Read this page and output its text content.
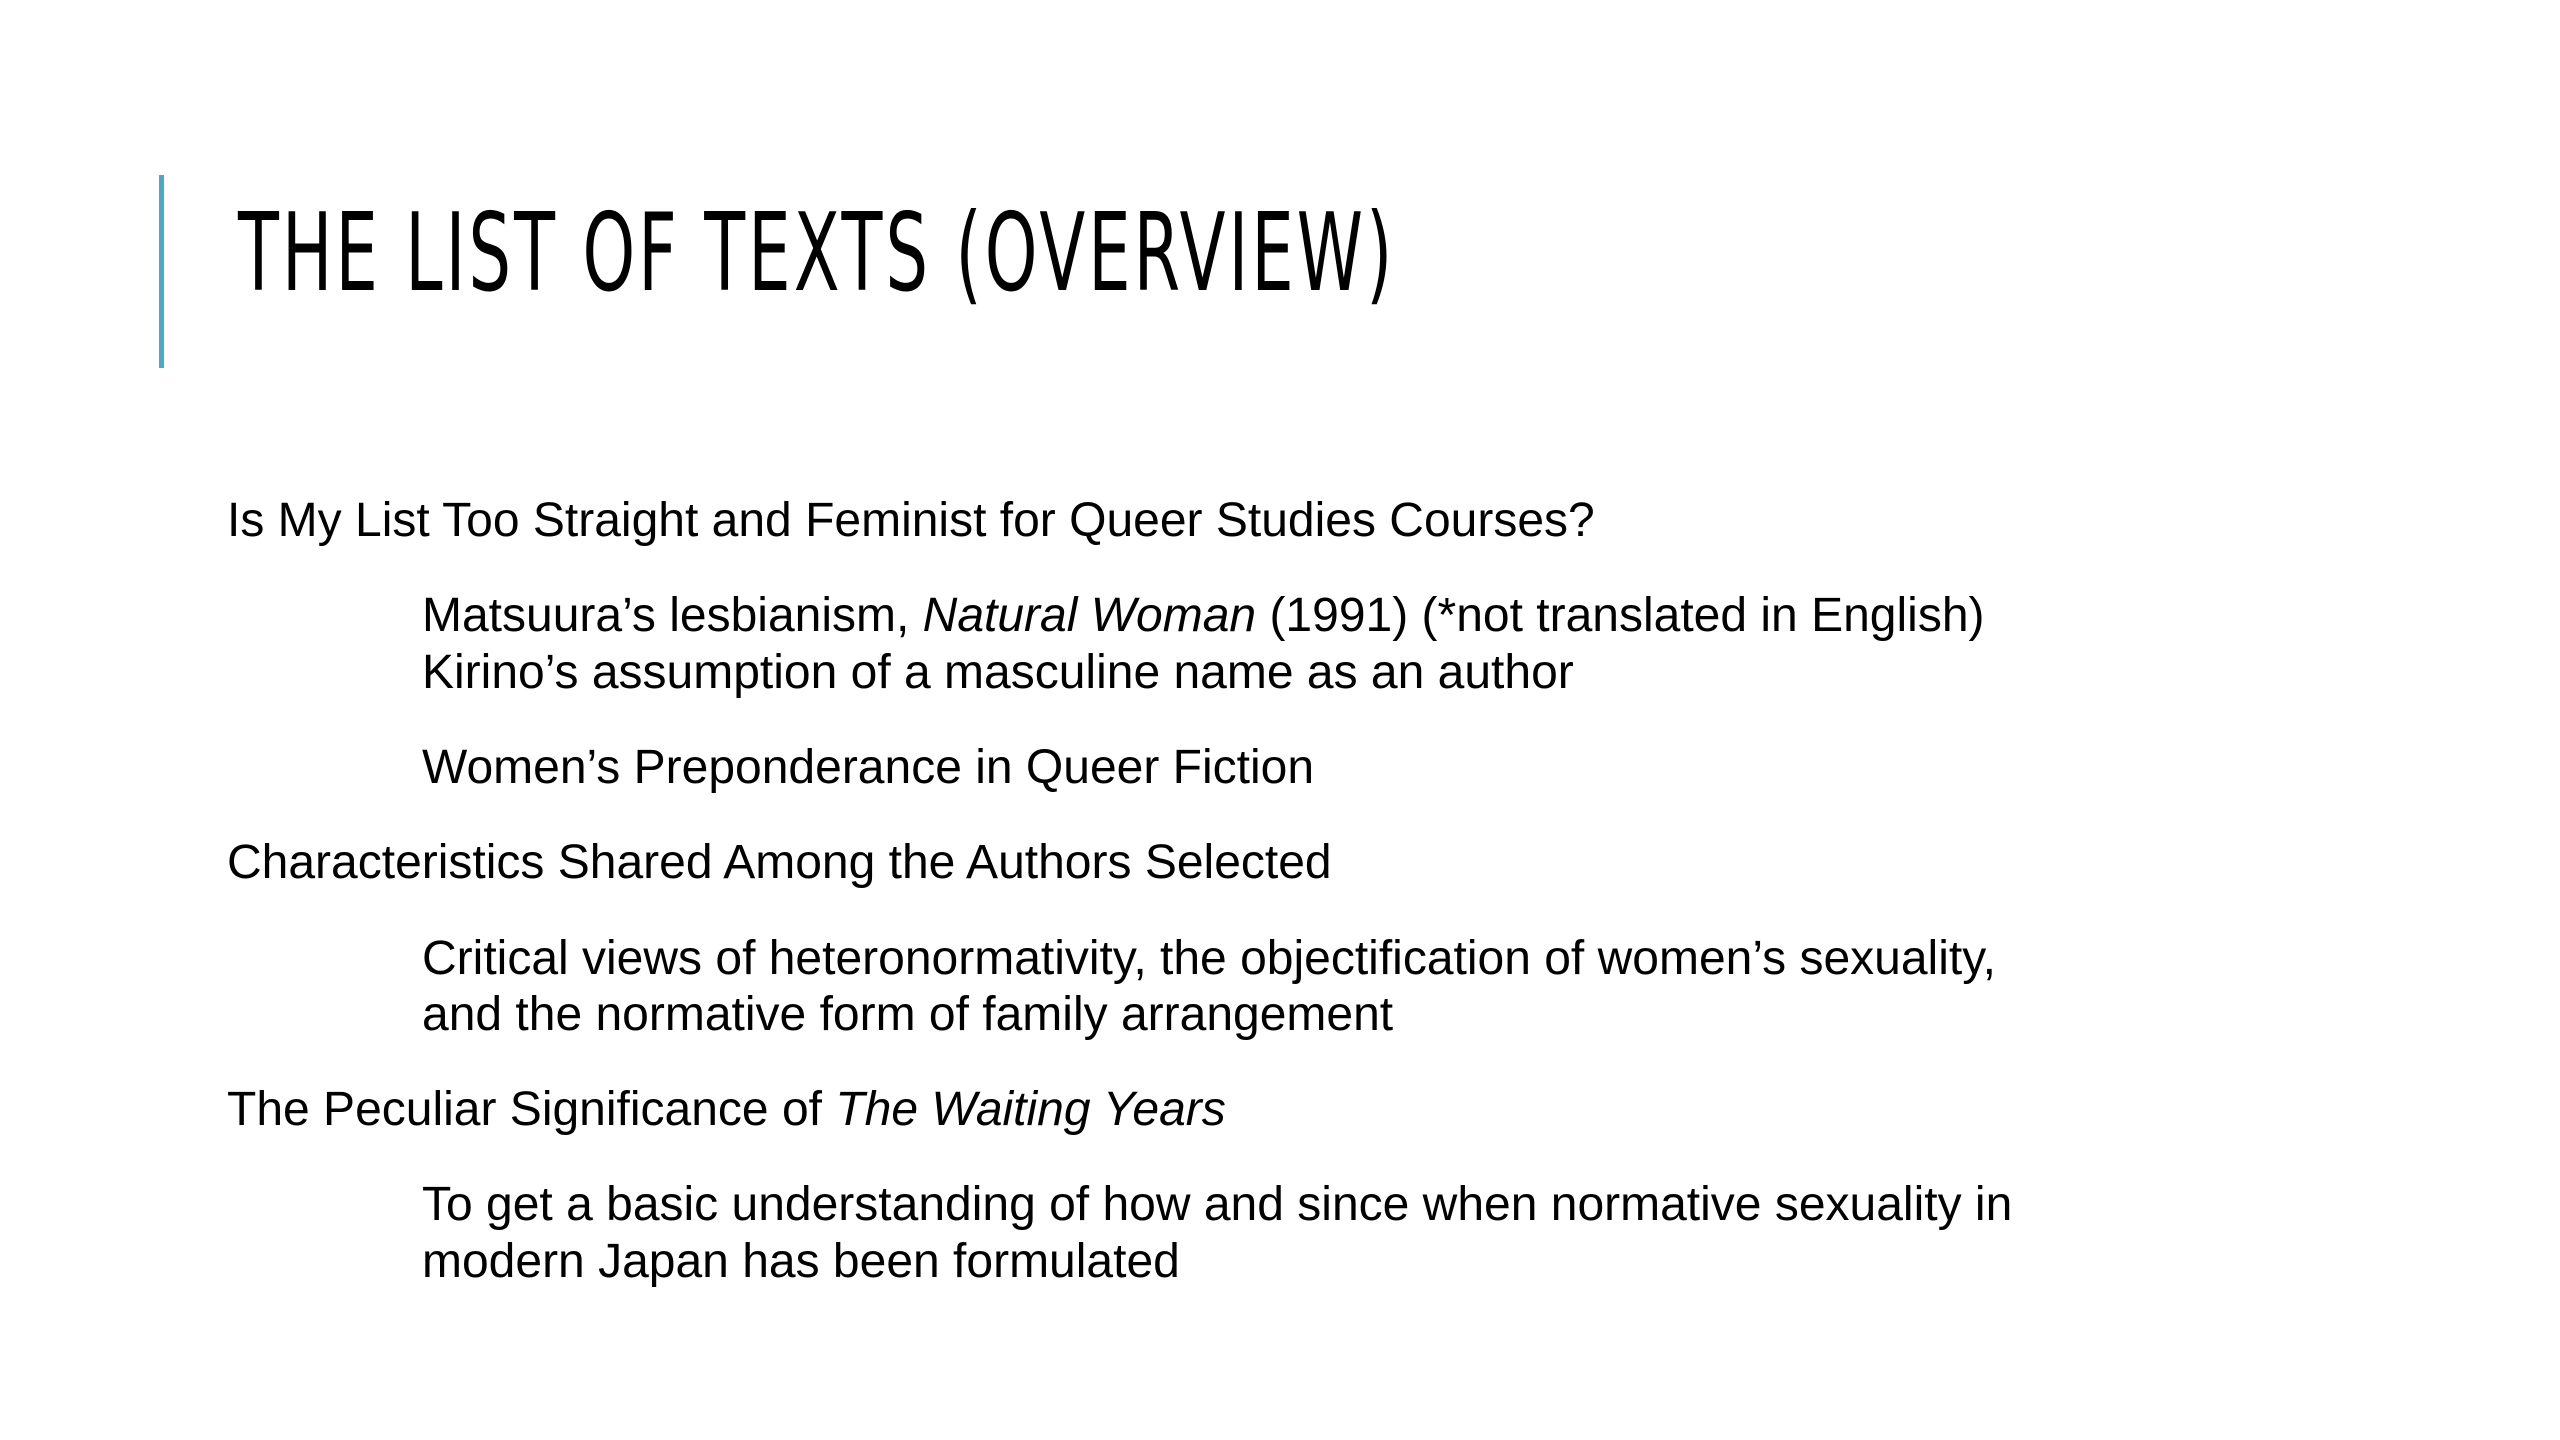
THE LIST OF TEXTS (OVERVIEW)
Is My List Too Straight and Feminist for Queer Studies Courses?
Matsuura’s lesbianism, Natural Woman (1991) (*not translated in English)
Kirino’s assumption of a masculine name as an author
Women’s Preponderance in Queer Fiction
Characteristics Shared Among the Authors Selected
Critical views of heteronormativity, the objectification of women’s sexuality,
and the normative form of family arrangement
The Peculiar Significance of The Waiting Years
To get a basic understanding of how and since when normative sexuality in
modern Japan has been formulated
